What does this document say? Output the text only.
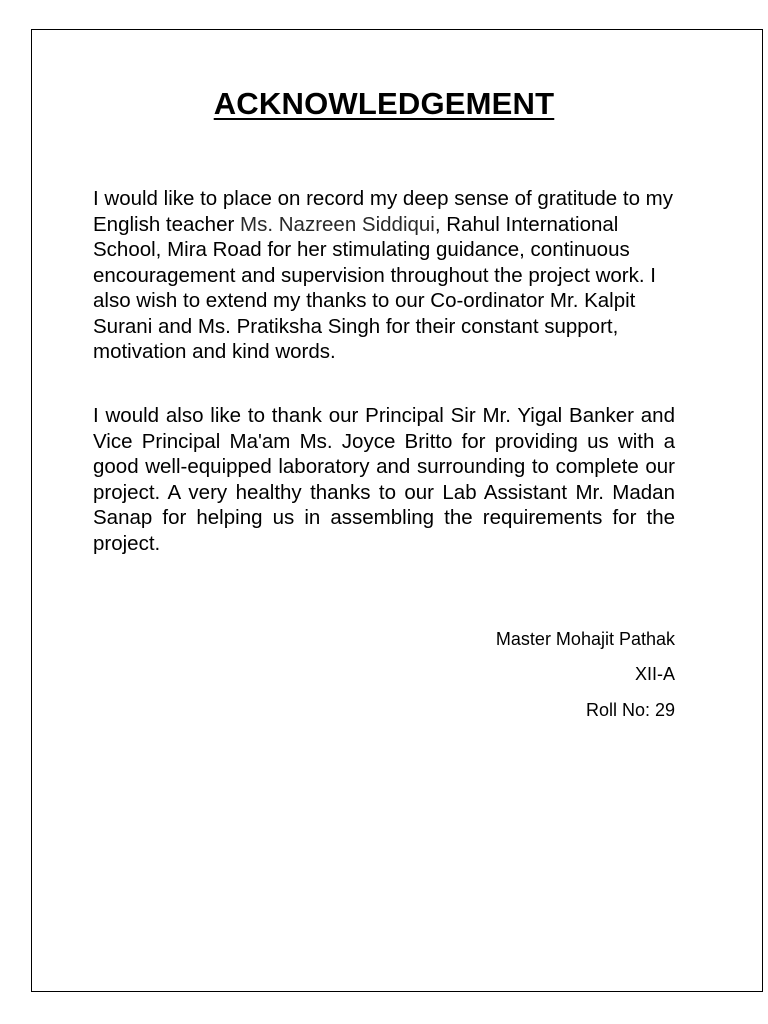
ACKNOWLEDGEMENT

I would like to place on record my deep sense of gratitude to my English teacher Ms. Nazreen Siddiqui, Rahul International School, Mira Road for her stimulating guidance, continuous encouragement and supervision throughout the project work. I also wish to extend my thanks to our Co-ordinator Mr. Kalpit Surani and Ms. Pratiksha Singh for their constant support, motivation and kind words.

I would also like to thank our Principal Sir Mr. Yigal Banker and Vice Principal Ma'am Ms. Joyce Britto for providing us with a good well-equipped laboratory and surrounding to complete our project. A very healthy thanks to our Lab Assistant Mr. Madan Sanap for helping us in assembling the requirements for the project.

Master Mohajit Pathak

XII-A

Roll No: 29
